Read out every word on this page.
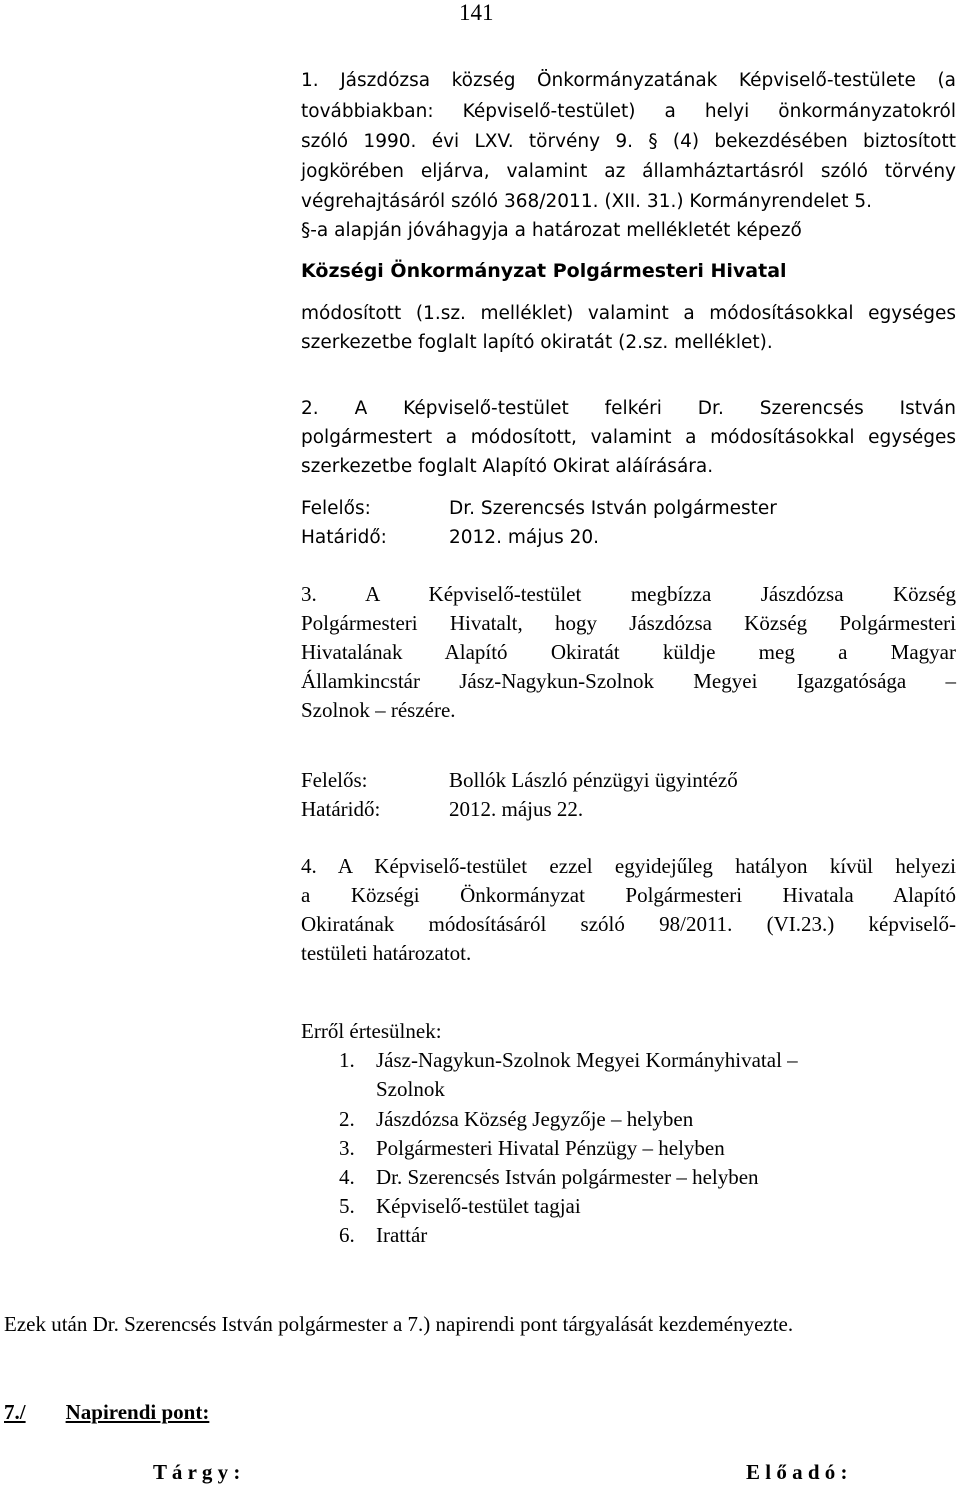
141
1. Jászdózsa község Önkormányzatának Képviselő-testülete (a
továbbiakban: Képviselő-testület) a helyi önkormányzatokról
szóló 1990. évi LXV. törvény 9. § (4) bekezdésében biztosított
jogkörében eljárva, valamint az államháztartásról szóló törvény
végrehajtásáról szóló 368/2011. (XII. 31.) Kormányrendelet 5.
§-a alapján jóváhagyja a határozat mellékletét képező
Községi Önkormányzat Polgármesteri Hivatal
módosított (1.sz. melléklet) valamint a módosításokkal egységes
szerkezetbe foglalt lapító okiratát (2.sz. melléklet).
2. A Képviselő-testület felkéri Dr. Szerencsés István
polgármestert a módosított, valamint a módosításokkal egységes
szerkezetbe foglalt Alapító Okirat aláírására.
Felelős:	Dr. Szerencsés István polgármester
Határidő:	2012. május 20.
3. A Képviselő-testület megbízza Jászdózsa Község
Polgármesteri Hivatalt, hogy Jászdózsa Község Polgármesteri
Hivatalának Alapító Okiratát küldje meg a Magyar
Államkincstár Jász-Nagykun-Szolnok Megyei Igazgatósága –
Szolnok – részére.
Felelős:	Bollók László pénzügyi ügyintéző
Határidő:	2012. május 22.
4. A Képviselő-testület ezzel egyidejűleg hatályon kívül helyezi
a Községi Önkormányzat Polgármesteri Hivatala Alapító
Okiratának módosításáról szóló 98/2011. (VI.23.) képviselő-
testületi határozatot.
Erről értesülnek:
1. Jász-Nagykun-Szolnok Megyei Kormányhivatal –
Szolnok
2. Jászdózsa Község Jegyzője – helyben
3. Polgármesteri Hivatal Pénzügy – helyben
4. Dr. Szerencsés István polgármester – helyben
5. Képviselő-testület tagjai
6. Irattár
Ezek után Dr. Szerencsés István polgármester a 7.) napirendi pont tárgyalását kezdeményezte.
7./ Napirendi pont:
T á r g y :	E l ő a d ó :
